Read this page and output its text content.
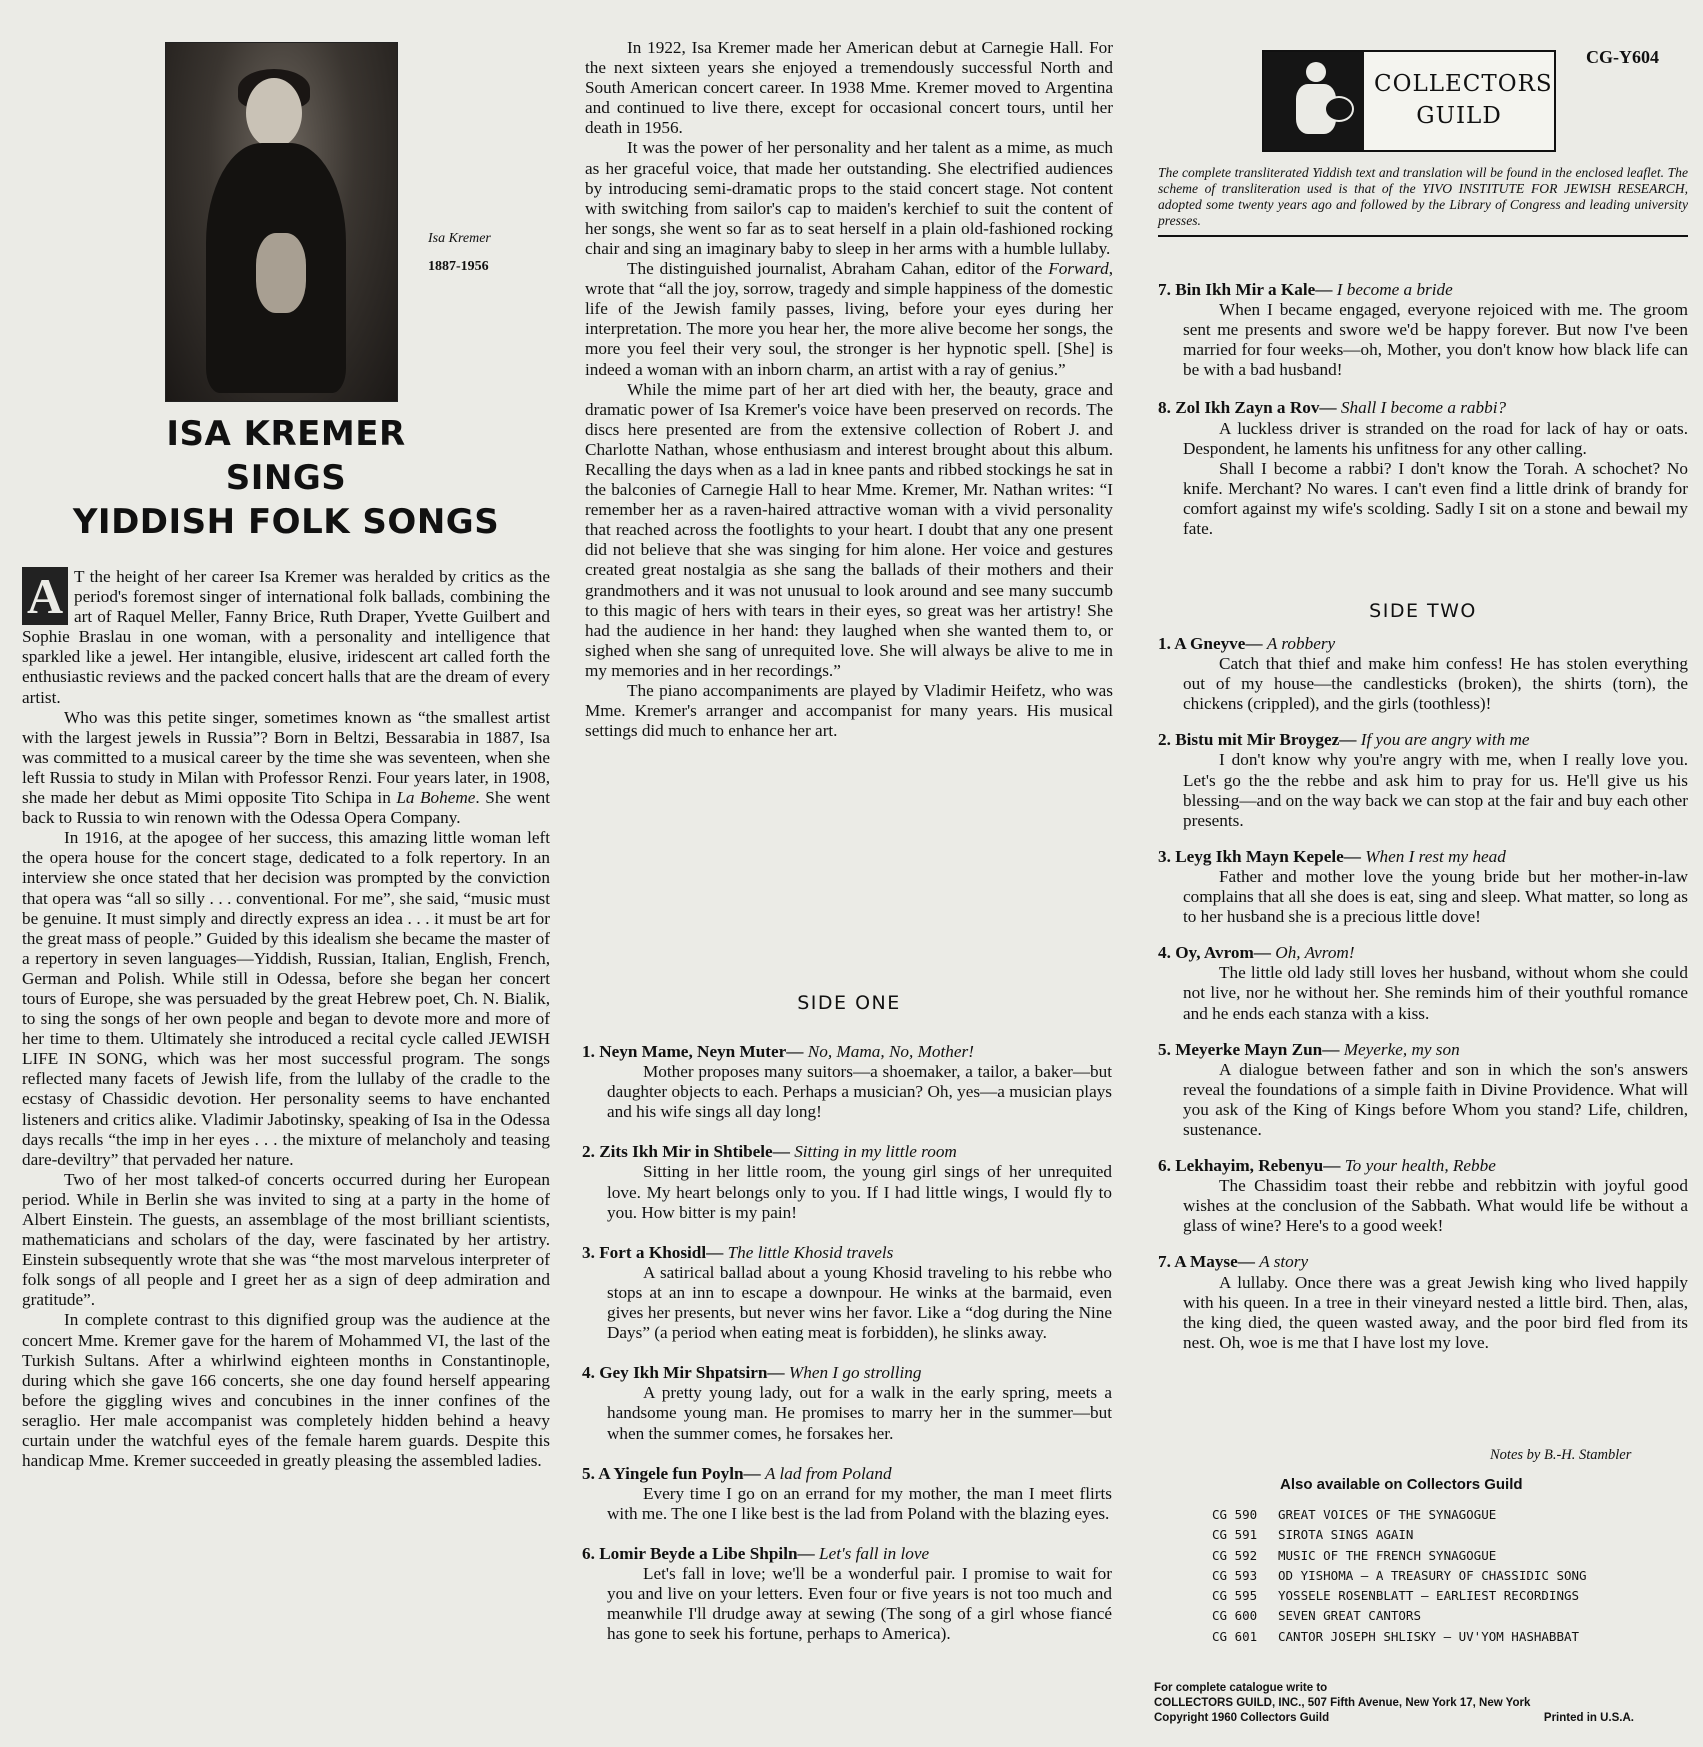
Isa Kremer
1887-1956
ISA KREMER
SINGS
YIDDISH FOLK SONGS

A T the height of her career Isa Kremer was heralded by critics as the period's foremost singer of international folk ballads, combining the art of Raquel Meller, Fanny Brice, Ruth Draper, Yvette Guilbert and Sophie Braslau in one woman, with a personality and intelligence that sparkled like a jewel. Her intangible, elusive, iridescent art called forth the enthusiastic reviews and the packed concert halls that are the dream of every artist.

Who was this petite singer, sometimes known as “the smallest artist with the largest jewels in Russia”? Born in Beltzi, Bessarabia in 1887, Isa was committed to a musical career by the time she was seventeen, when she left Russia to study in Milan with Professor Renzi. Four years later, in 1908, she made her debut as Mimi opposite Tito Schipa in La Boheme. She went back to Russia to win renown with the Odessa Opera Company.

In 1916, at the apogee of her success, this amazing little woman left the opera house for the concert stage, dedicated to a folk repertory. In an interview she once stated that her decision was prompted by the conviction that opera was “all so silly . . . conventional. For me”, she said, “music must be genuine. It must simply and directly express an idea . . . it must be art for the great mass of people.” Guided by this idealism she became the master of a repertory in seven languages—Yiddish, Russian, Italian, English, French, German and Polish. While still in Odessa, before she began her concert tours of Europe, she was persuaded by the great Hebrew poet, Ch. N. Bialik, to sing the songs of her own people and began to devote more and more of her time to them. Ultimately she introduced a recital cycle called JEWISH LIFE IN SONG, which was her most successful program. The songs reflected many facets of Jewish life, from the lullaby of the cradle to the ecstasy of Chassidic devotion. Her personality seems to have enchanted listeners and critics alike. Vladimir Jabotinsky, speaking of Isa in the Odessa days recalls “the imp in her eyes . . . the mixture of melancholy and teasing dare-deviltry” that pervaded her nature.

Two of her most talked-of concerts occurred during her European period. While in Berlin she was invited to sing at a party in the home of Albert Einstein. The guests, an assemblage of the most brilliant scientists, mathematicians and scholars of the day, were fascinated by her artistry. Einstein subsequently wrote that she was “the most marvelous interpreter of folk songs of all people and I greet her as a sign of deep admiration and gratitude”.

In complete contrast to this dignified group was the audience at the concert Mme. Kremer gave for the harem of Mohammed VI, the last of the Turkish Sultans. After a whirlwind eighteen months in Constantinople, during which she gave 166 concerts, she one day found herself appearing before the giggling wives and concubines in the inner confines of the seraglio. Her male accompanist was completely hidden behind a heavy curtain under the watchful eyes of the female harem guards. Despite this handicap Mme. Kremer succeeded in greatly pleasing the assembled ladies.

In 1922, Isa Kremer made her American debut at Carnegie Hall. For the next sixteen years she enjoyed a tremendously successful North and South American concert career. In 1938 Mme. Kremer moved to Argentina and continued to live there, except for occasional concert tours, until her death in 1956.

It was the power of her personality and her talent as a mime, as much as her graceful voice, that made her outstanding. She electrified audiences by introducing semi-dramatic props to the staid concert stage. Not content with switching from sailor's cap to maiden's kerchief to suit the content of her songs, she went so far as to seat herself in a plain old-fashioned rocking chair and sing an imaginary baby to sleep in her arms with a humble lullaby.

The distinguished journalist, Abraham Cahan, editor of the Forward, wrote that “all the joy, sorrow, tragedy and simple happiness of the domestic life of the Jewish family passes, living, before your eyes during her interpretation. The more you hear her, the more alive become her songs, the more you feel their very soul, the stronger is her hypnotic spell. [She] is indeed a woman with an inborn charm, an artist with a ray of genius.”

While the mime part of her art died with her, the beauty, grace and dramatic power of Isa Kremer's voice have been preserved on records. The discs here presented are from the extensive collection of Robert J. and Charlotte Nathan, whose enthusiasm and interest brought about this album. Recalling the days when as a lad in knee pants and ribbed stockings he sat in the balconies of Carnegie Hall to hear Mme. Kremer, Mr. Nathan writes: “I remember her as a raven-haired attractive woman with a vivid personality that reached across the footlights to your heart. I doubt that any one present did not believe that she was singing for him alone. Her voice and gestures created great nostalgia as she sang the ballads of their mothers and their grandmothers and it was not unusual to look around and see many succumb to this magic of hers with tears in their eyes, so great was her artistry! She had the audience in her hand: they laughed when she wanted them to, or sighed when she sang of unrequited love. She will always be alive to me in my memories and in her recordings.”

The piano accompaniments are played by Vladimir Heifetz, who was Mme. Kremer's arranger and accompanist for many years. His musical settings did much to enhance her art.

SIDE ONE
1. Neyn Mame, Neyn Muter— No, Mama, No, Mother!

Mother proposes many suitors—a shoemaker, a tailor, a baker—but daughter objects to each. Perhaps a musician? Oh, yes—a musician plays and his wife sings all day long!

2. Zits Ikh Mir in Shtibele— Sitting in my little room

Sitting in her little room, the young girl sings of her unrequited love. My heart belongs only to you. If I had little wings, I would fly to you. How bitter is my pain!

3. Fort a Khosidl— The little Khosid travels

A satirical ballad about a young Khosid traveling to his rebbe who stops at an inn to escape a downpour. He winks at the barmaid, even gives her presents, but never wins her favor. Like a “dog during the Nine Days” (a period when eating meat is forbidden), he slinks away.

4. Gey Ikh Mir Shpatsirn— When I go strolling

A pretty young lady, out for a walk in the early spring, meets a handsome young man. He promises to marry her in the summer—but when the summer comes, he forsakes her.

5. A Yingele fun Poyln— A lad from Poland

Every time I go on an errand for my mother, the man I meet flirts with me. The one I like best is the lad from Poland with the blazing eyes.

6. Lomir Beyde a Libe Shpiln— Let's fall in love

Let's fall in love; we'll be a wonderful pair. I promise to wait for you and live on your letters. Even four or five years is not too much and meanwhile I'll drudge away at sewing (The song of a girl whose fiancé has gone to seek his fortune, perhaps to America).

COLLECTORS
GUILD
CG-Y604
The complete transliterated Yiddish text and translation will be found in the enclosed leaflet. The scheme of transliteration used is that of the YIVO INSTITUTE FOR JEWISH RESEARCH, adopted some twenty years ago and followed by the Library of Congress and leading university presses.
7. Bin Ikh Mir a Kale— I become a bride

When I became engaged, everyone rejoiced with me. The groom sent me presents and swore we'd be happy forever. But now I've been married for four weeks—oh, Mother, you don't know how black life can be with a bad husband!

8. Zol Ikh Zayn a Rov— Shall I become a rabbi?

A luckless driver is stranded on the road for lack of hay or oats. Despondent, he laments his unfitness for any other calling.

Shall I become a rabbi? I don't know the Torah. A schochet? No knife. Merchant? No wares. I can't even find a little drink of brandy for comfort against my wife's scolding. Sadly I sit on a stone and bewail my fate.

SIDE TWO
1. A Gneyve— A robbery

Catch that thief and make him confess! He has stolen everything out of my house—the candlesticks (broken), the shirts (torn), the chickens (crippled), and the girls (toothless)!

2. Bistu mit Mir Broygez— If you are angry with me

I don't know why you're angry with me, when I really love you. Let's go the the rebbe and ask him to pray for us. He'll give us his blessing—and on the way back we can stop at the fair and buy each other presents.

3. Leyg Ikh Mayn Kepele— When I rest my head

Father and mother love the young bride but her mother-in-law complains that all she does is eat, sing and sleep. What matter, so long as to her husband she is a precious little dove!

4. Oy, Avrom— Oh, Avrom!

The little old lady still loves her husband, without whom she could not live, nor he without her. She reminds him of their youthful romance and he ends each stanza with a kiss.

5. Meyerke Mayn Zun— Meyerke, my son

A dialogue between father and son in which the son's answers reveal the foundations of a simple faith in Divine Providence. What will you ask of the King of Kings before Whom you stand? Life, children, sustenance.

6. Lekhayim, Rebenyu— To your health, Rebbe

The Chassidim toast their rebbe and rebbitzin with joyful good wishes at the conclusion of the Sabbath. What would life be without a glass of wine? Here's to a good week!

7. A Mayse— A story

A lullaby. Once there was a great Jewish king who lived happily with his queen. In a tree in their vineyard nested a little bird. Then, alas, the king died, the queen wasted away, and the poor bird fled from its nest. Oh, woe is me that I have lost my love.

Notes by B.-H. Stambler
Also available on Collectors Guild
CG 590 GREAT VOICES OF THE SYNAGOGUE
CG 591 SIROTA SINGS AGAIN
CG 592 MUSIC OF THE FRENCH SYNAGOGUE
CG 593 OD YISHOMA — A TREASURY OF CHASSIDIC SONG
CG 595 YOSSELE ROSENBLATT — EARLIEST RECORDINGS
CG 600 SEVEN GREAT CANTORS
CG 601 CANTOR JOSEPH SHLISKY — UV'YOM HASHABBAT
For complete catalogue write to
COLLECTORS GUILD, INC., 507 Fifth Avenue, New York 17, New York
Copyright 1960 Collectors Guild	Printed in U.S.A.
